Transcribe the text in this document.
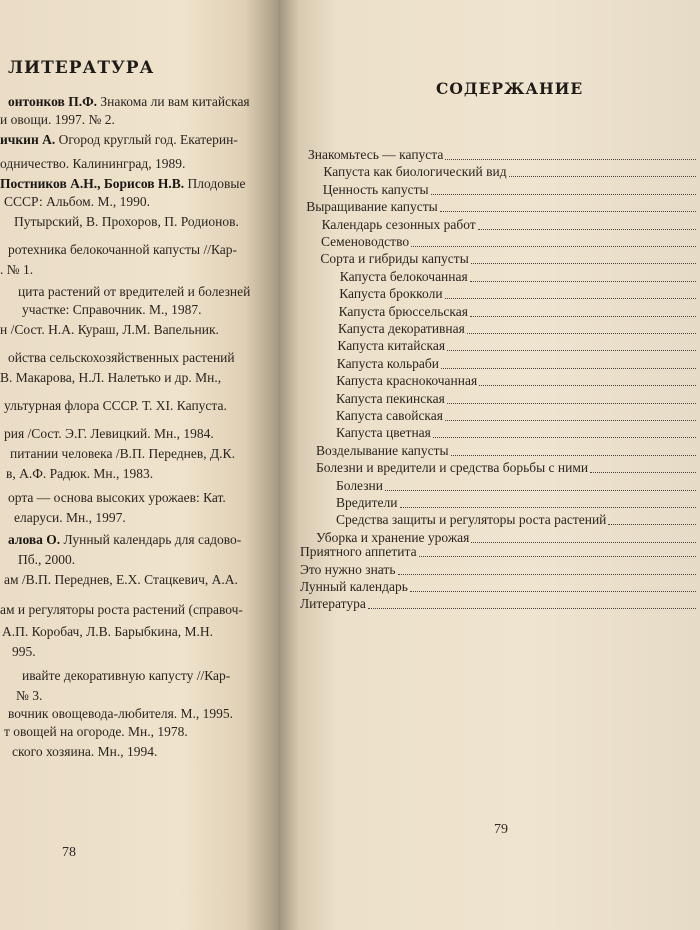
ЛИТЕРАТУРА
онтонков П.Ф. Знакома ли вам китайская
и овощи. 1997. № 2.
ичкин А. Огород круглый год. Екатерин-
одничество. Калининград, 1989.
Постников А.Н., Борисов Н.В. Плодовые
СССР: Альбом. М., 1990.
Путырский, В. Прохоров, П. Родионов.
ротехника белокочанной капусты //Кар-
. № 1.
цита растений от вредителей и болезней
участке: Справочник. М., 1987.
н /Сост. Н.А. Кураш, Л.М. Вапельник.
ойства сельскохозяйственных растений
В. Макарова, Н.Л. Налетько и др. Мн.,
ультурная флора СССР. Т. XI. Капуста.
рия /Сост. Э.Г. Левицкий. Мн., 1984.
питании человека /В.П. Переднев, Д.К.
в, А.Ф. Радюк. Мн., 1983.
орта — основа высоких урожаев: Кат.
еларуси. Мн., 1997.
алова О. Лунный календарь для садово-
Пб., 2000.
ам /В.П. Переднев, Е.Х. Стацкевич, А.А.
ам и регуляторы роста растений (справоч-
А.П. Коробач, Л.В. Барыбкина, М.Н.
995.
ивайте декоративную капусту //Кар-
№ 3.
вочник овощевода-любителя. М., 1995.
т овощей на огороде. Мн., 1978.
ского хозяина. Мн., 1994.
78
СОДЕРЖАНИЕ
Знакомьтесь — капуста
Капуста как биологический вид
Ценность капусты
Выращивание капусты
Календарь сезонных работ
Семеноводство
Сорта и гибриды капусты
Капуста белокочанная
Капуста брокколи
Капуста брюссельская
Капуста декоративная
Капуста китайская
Капуста кольраби
Капуста краснокочанная
Капуста пекинская
Капуста савойская
Капуста цветная
Возделывание капусты
Болезни и вредители и средства борьбы с ними
Болезни
Вредители
Средства защиты и регуляторы роста растений
Уборка и хранение урожая
Приятного аппетита
Это нужно знать
Лунный календарь
Литература
79
